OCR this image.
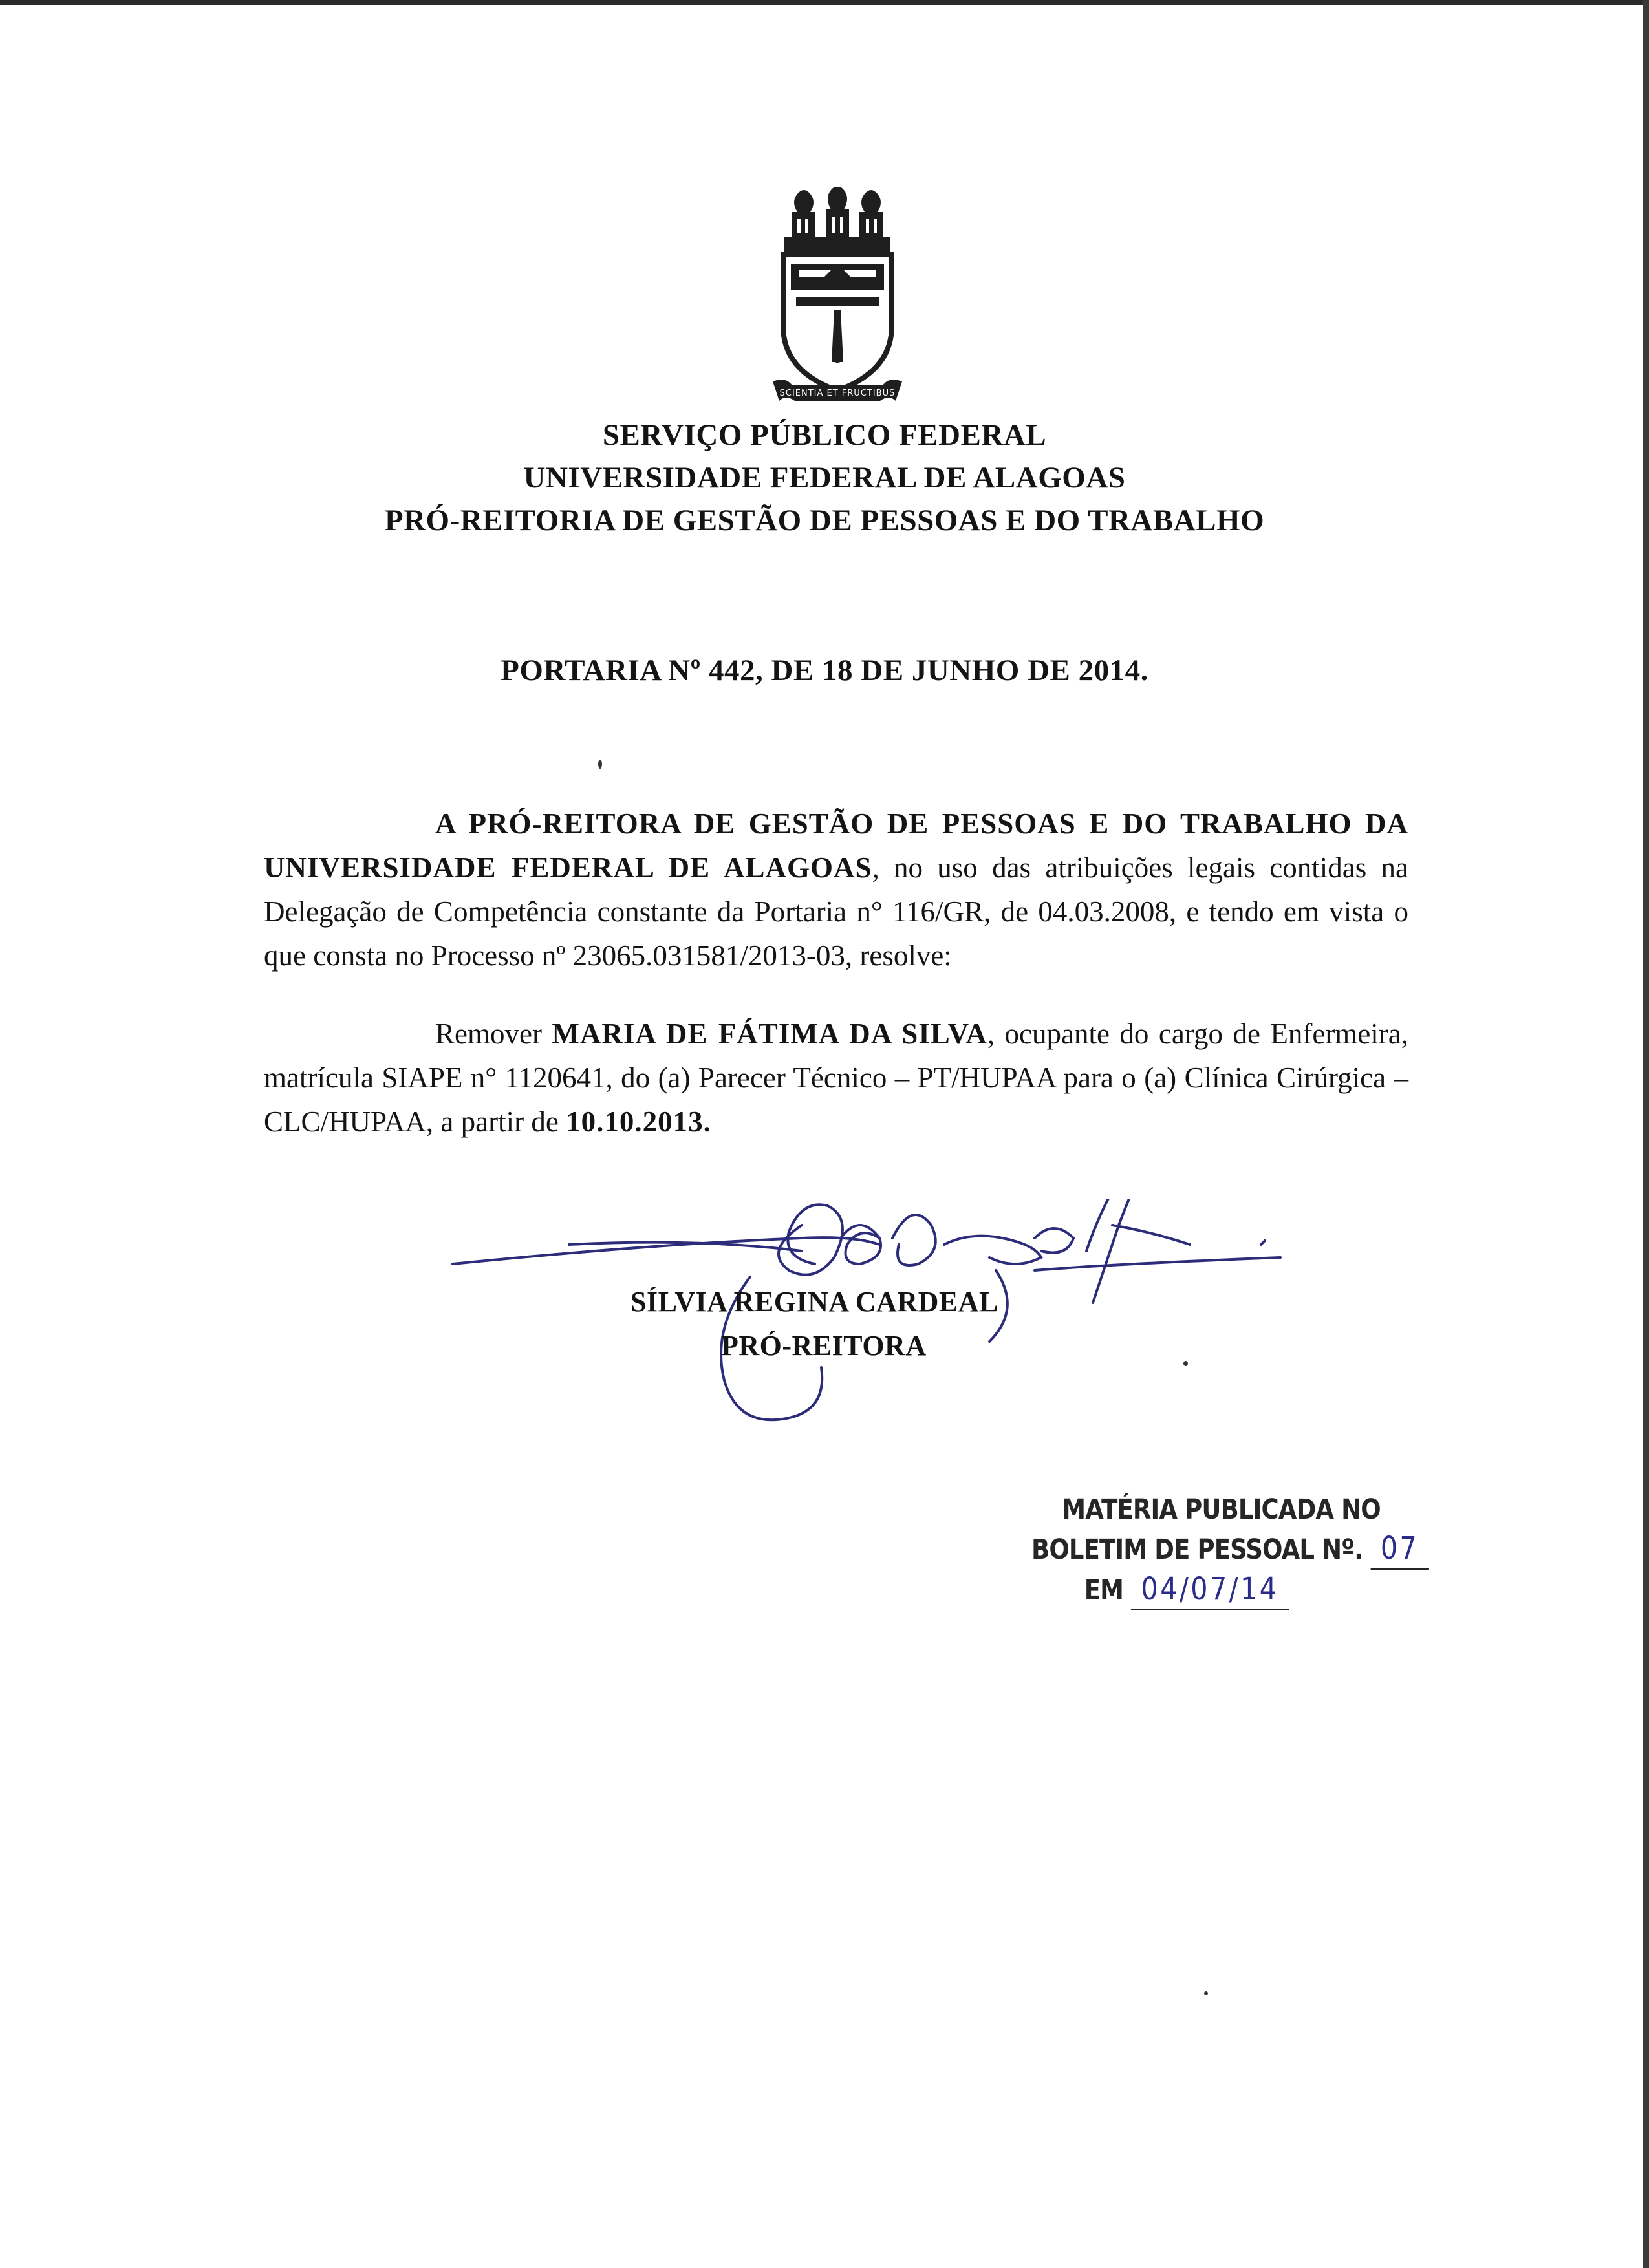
SCIENTIA ET FRUCTIBUS
SERVIÇO PÚBLICO FEDERAL
UNIVERSIDADE FEDERAL DE ALAGOAS
PRÓ-REITORIA DE GESTÃO DE PESSOAS E DO TRABALHO
PORTARIA Nº 442, DE 18 DE JUNHO DE 2014.
A PRÓ-REITORA DE GESTÃO DE PESSOAS E DO TRABALHO DA UNIVERSIDADE FEDERAL DE ALAGOAS, no uso das atribuições legais contidas na Delegação de Competência constante da Portaria n° 116/GR, de 04.03.2008, e tendo em vista o que consta no Processo nº 23065.031581/2013-03, resolve:
Remover MARIA DE FÁTIMA DA SILVA, ocupante do cargo de Enfermeira, matrícula SIAPE n° 1120641, do (a) Parecer Técnico – PT/HUPAA para o (a) Clínica Cirúrgica – CLC/HUPAA, a partir de 10.10.2013.
SÍLVIA REGINA CARDEAL
PRÓ-REITORA
MATÉRIA PUBLICADA NO
BOLETIM DE PESSOAL Nº. 07
EM 04/07/14
